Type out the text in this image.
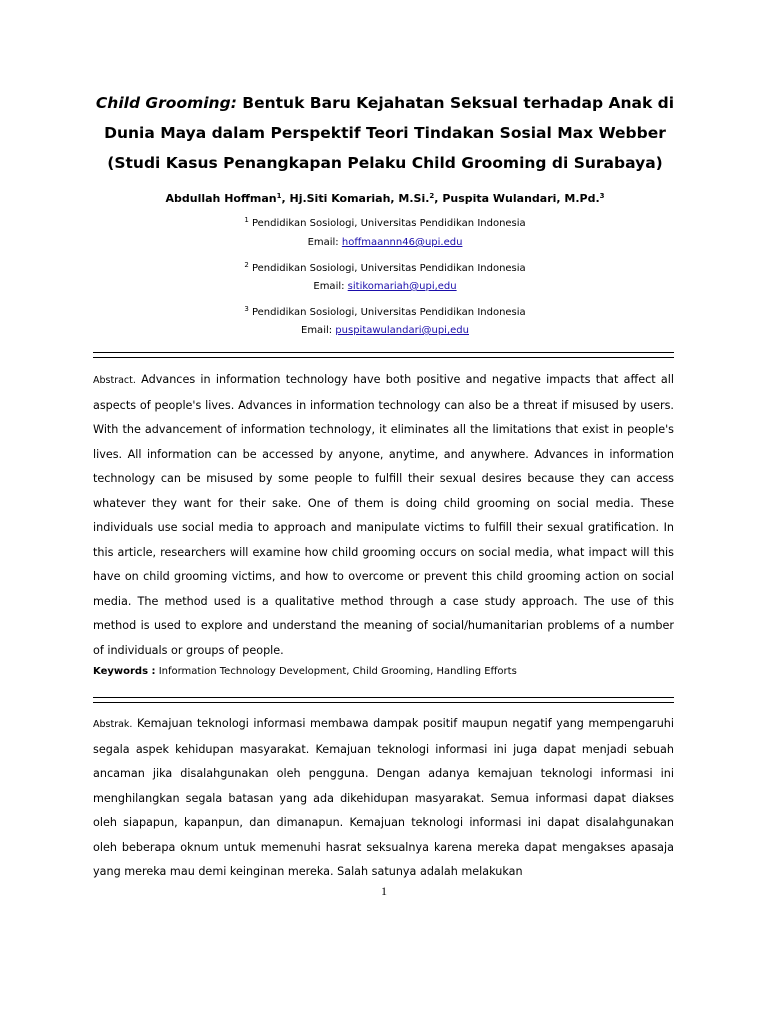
Child Grooming: Bentuk Baru Kejahatan Seksual terhadap Anak di Dunia Maya dalam Perspektif Teori Tindakan Sosial Max Webber (Studi Kasus Penangkapan Pelaku Child Grooming di Surabaya)
Abdullah Hoffman$^1$, Hj.Siti Komariah, M.Si.$^2$, Puspita Wulandari, M.Pd.$^3$
$^1$ Pendidikan Sosiologi, Universitas Pendidikan Indonesia
Email: hoffmaannn46@upi.edu
$^2$ Pendidikan Sosiologi, Universitas Pendidikan Indonesia
Email: sitikomariah@upi,edu
$^3$ Pendidikan Sosiologi, Universitas Pendidikan Indonesia
Email: puspitawulandari@upi,edu

Abstract. Advances in information technology have both positive and negative impacts that affect all aspects of people's lives. Advances in information technology can also be a threat if misused by users. With the advancement of information technology, it eliminates all the limitations that exist in people's lives. All information can be accessed by anyone, anytime, and anywhere. Advances in information technology can be misused by some people to fulfill their sexual desires because they can access whatever they want for their sake. One of them is doing child grooming on social media. These individuals use social media to approach and manipulate victims to fulfill their sexual gratification. In this article, researchers will examine how child grooming occurs on social media, what impact will this have on child grooming victims, and how to overcome or prevent this child grooming action on social media. The method used is a qualitative method through a case study approach. The use of this method is used to explore and understand the meaning of social/humanitarian problems of a number of individuals or groups of people.

Keywords : Information Technology Development, Child Grooming, Handling Efforts

Abstrak. Kemajuan teknologi informasi membawa dampak positif maupun negatif yang mempengaruhi segala aspek kehidupan masyarakat. Kemajuan teknologi informasi ini juga dapat menjadi sebuah ancaman jika disalahgunakan oleh pengguna. Dengan adanya kemajuan teknologi informasi ini menghilangkan segala batasan yang ada dikehidupan masyarakat. Semua informasi dapat diakses oleh siapapun, kapanpun, dan dimanapun. Kemajuan teknologi informasi ini dapat disalahgunakan oleh beberapa oknum untuk memenuhi hasrat seksualnya karena mereka dapat mengakses apasaja yang mereka mau demi keinginan mereka. Salah satunya adalah melakukan

1
